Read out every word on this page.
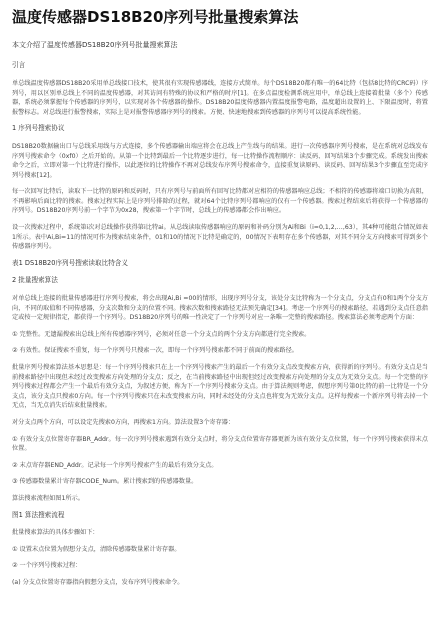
温度传感器DS18B20序列号批量搜索算法

本文介绍了温度传感器DS18B20序列号批量搜索算法

引言

单总线温度传感器DS18B20采用单总线接口技术，使其很有实现传感器线，连接方式简单。每个DS18B20都有唯一的64比特（包括8比特的CRC码）序列号，用以区别单总线上不同的温度传感器，对其访问有特殊的协议和严格的时序[1]。在多点温度检测系统应用中，单总线上连接着批量（多个）传感器，系统必须掌握每个传感器的序列号，以实现对各个传感器的操作。DS18B20温度传感器内置温度报警电路，温度超出设置的上、下限温度时，将置报警标志。对总线进行报警搜索，实际上是对报警传感器序列号的搜索。方便、快速地搜索到传感器的序列号可以提高系统性能。

1 序列号搜索协议

DS18B20数据输出口与总线采用线与方式连接，多个传感器输出端应将会在总线上产生线与的结果。进行一次传感器序列号搜索，是在系统对总线发布序列号搜索命令（0xf0）之后开始的。从第一个比特到最后一个比特逐步进行，每一比特操作流程顺序：读反码、回写结果3个步骤完成。系统发出搜索命令之后，立即对第一个比特进行操作，以此逐位的比特操作不再对总线发布序列号搜索命令，直接重复读原码、读反码、回写结果3个步骤直至完成序列号搜索[12]。

每一次回写比特后，读取下一比特的原码和反码时，只有序列号与前面所有回写比特都对应相符的传感器响应总线；不相符的传感器将端口切换为高阻，不再影响后面比特的搜索。搜索过程实际上是序列号排除的过程，就对64个比特序列号都响应的仅有一个传感器。搜索过程结束后将获得一个传感器的序列号。DS18B20序列号前一个字节为0x28，搜索第一个字节时，总线上的传感器都会作出响应。

设一次搜索过程中，系统第i次对总线操作获得第i比特ai。从总线读取传感器响应的原码和补码分别为Ai和Bi（i=0,1,2,…,63），其4种可能组合情况如表1所示。表中Ai,Bi=11的情况可作为搜索结束条件，01和10的情况下比特是确定的，00情况下表明存在多个传感器，对其不同分支方向搜索可得到多个传感器序列号。

表1 DS18B20序列号搜索读取比特含义

2 批量搜索算法

对单总线上连接的批量传感器进行序列号搜索，将会出现Ai,Bi =00的情形，出现序列号分支，该处分支比特称为一个分支点，分支点有0和1两个分支方向，不同的取值和不同传感器，分支次数和分支的位置不同。搜索次数和搜索路径无法预先确定[34]。考虑一个序列号的搜索路径，若遇到分支点任意指定或按一定规律指定，都获得一个序列号。DS18B20序列号的唯一性决定了一个序列号对应一条唯一完整的搜索路径。搜索算法必须考虑两个方面：

① 完整性。无遗漏搜索出总线上所有传感器序列号，必须对任意一个分支点的两个分支方向都进行完全搜索。

② 有效性。保证搜索不重复，每一个序列号只搜索一次，即每一个序列号搜索都不同于前面的搜索路径。

批量序列号搜索算法基本思想是：每一个序列号搜索只在上一个序列号搜索产生的最后一个有效分支点改变搜索方向，获得新的序列号。有效分支点是当前搜索路径中出现但未经过改变搜索方向处理的分支点；反之，在当前搜索路径中出现但经过改变搜索方向处理的分支点为无效分支点。每一个完整的序列号搜索过程都会产生一个最后有效分支点，为叙述方便，称为下一个序列号搜索分支点。由于算法规则考虑，假想序列号第0比特的前一比特是一个分支点，该分支点只搜索0方向。每一个序列号搜索只在未改变搜索方向，同时未经处的分支点也将变为无效分支点。这样每搜索一个新序列号将去掉一个无点，当无点消失后结束批量搜索。

对分支点两个方向，可以设定先搜索0方向，再搜索1方向。算法设置3个寄存器：

① 有效分支点位置寄存器BR_Addr。每一次序列号搜索遇到有效分支点时，将分支点位置寄存器更新为该有效分支点位置，每一个序列号搜索获得末点位置。

② 末点寄存器END_Addr。记录每一个序列号搜索产生的最后有效分支点。

③ 传感器数量累计寄存器CODE_Num。累计搜索到的传感器数量。

算法搜索流程如图1所示。

图1 算法搜索流程

批量搜索算法的具体步骤如下：

① 设置末点位置为假想分支点，清除传感器数量累计寄存器。

② 一个序列号搜索过程：

(a) 分支点位置寄存器指向假想分支点，发布序列号搜索命令。
